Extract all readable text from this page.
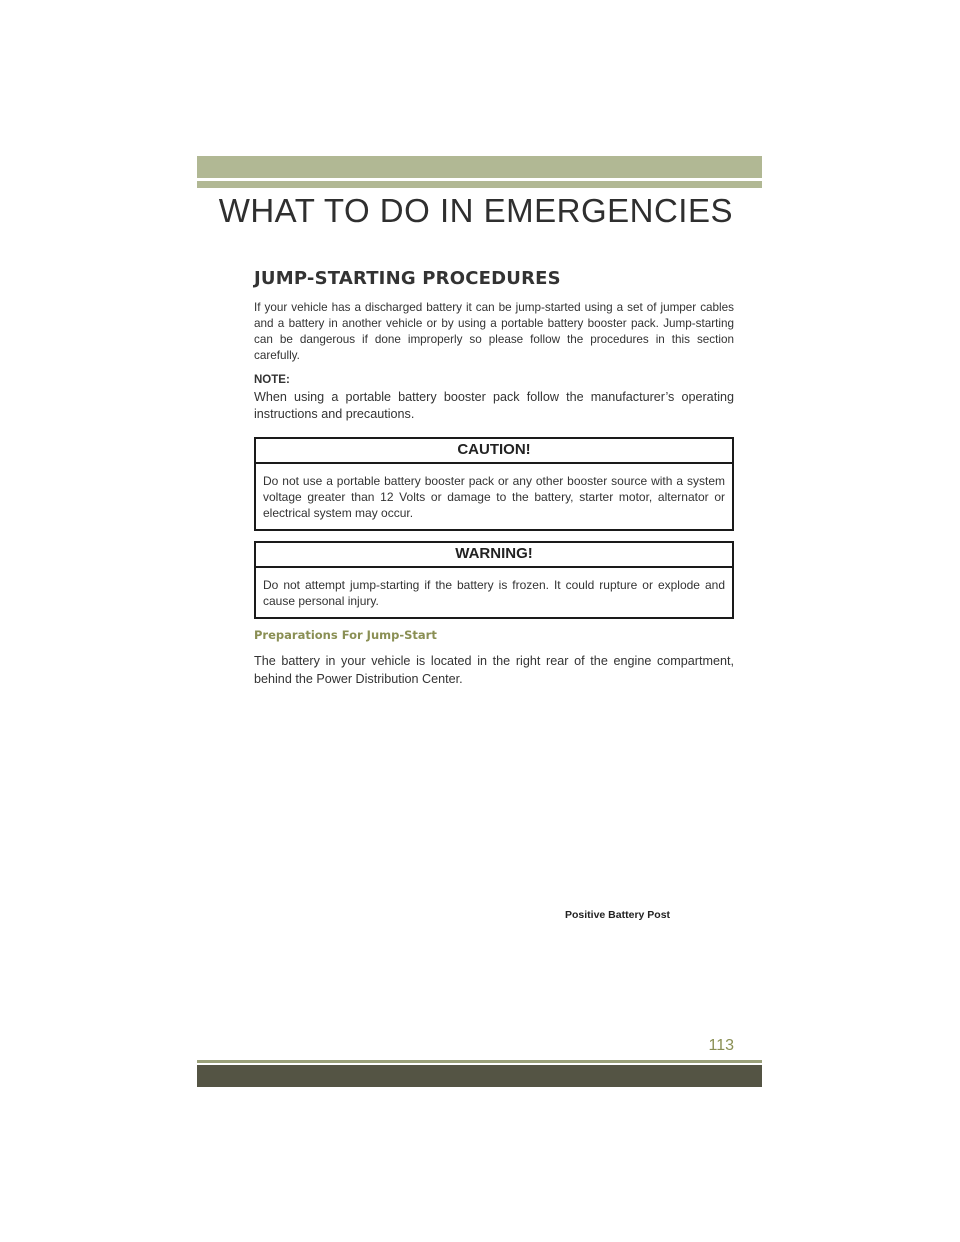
WHAT TO DO IN EMERGENCIES
JUMP-STARTING PROCEDURES

If your vehicle has a discharged battery it can be jump-started using a set of jumper cables and a battery in another vehicle or by using a portable battery booster pack. Jump-starting can be dangerous if done improperly so please follow the procedures in this section carefully.

NOTE:

When using a portable battery booster pack follow the manufacturer’s operating instructions and precautions.

CAUTION!
Do not use a portable battery booster pack or any other booster source with a system voltage greater than 12 Volts or damage to the battery, starter motor, alternator or electrical system may occur.
WARNING!
Do not attempt jump-starting if the battery is frozen. It could rupture or explode and cause personal injury.
Preparations For Jump-Start

The battery in your vehicle is located in the right rear of the engine compartment, behind the Power Distribution Center.

Positive Battery Post
113
